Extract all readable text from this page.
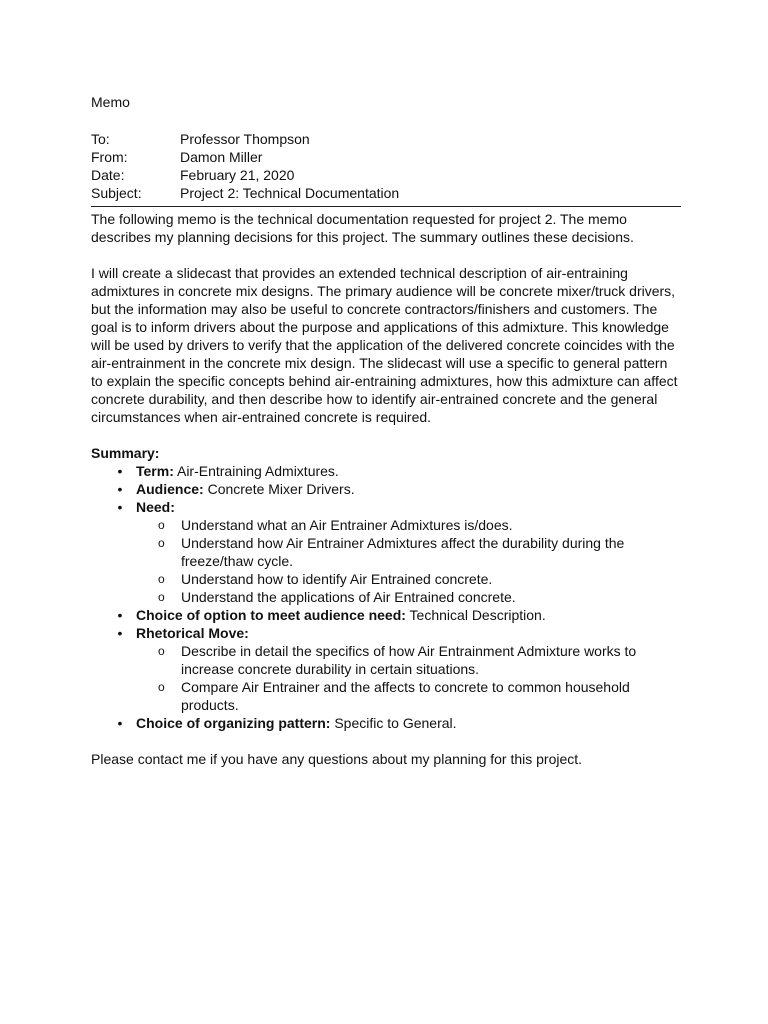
Memo

To:	Professor Thompson
From:	Damon Miller
Date:	February 21, 2020
Subject:	Project 2: Technical Documentation

The following memo is the technical documentation requested for project 2. The memo describes my planning decisions for this project. The summary outlines these decisions.

I will create a slidecast that provides an extended technical description of air-entraining admixtures in concrete mix designs. The primary audience will be concrete mixer/truck drivers, but the information may also be useful to concrete contractors/finishers and customers. The goal is to inform drivers about the purpose and applications of this admixture. This knowledge will be used by drivers to verify that the application of the delivered concrete coincides with the air-entrainment in the concrete mix design. The slidecast will use a specific to general pattern to explain the specific concepts behind air-entraining admixtures, how this admixture can affect concrete durability, and then describe how to identify air-entrained concrete and the general circumstances when air-entrained concrete is required.

Summary:

• Term: Air-Entraining Admixtures.
• Audience: Concrete Mixer Drivers.
• Need:
o Understand what an Air Entrainer Admixtures is/does.
o Understand how Air Entrainer Admixtures affect the durability during the freeze/thaw cycle.
o Understand how to identify Air Entrained concrete.
o Understand the applications of Air Entrained concrete.
• Choice of option to meet audience need: Technical Description.
• Rhetorical Move:
o Describe in detail the specifics of how Air Entrainment Admixture works to increase concrete durability in certain situations.
o Compare Air Entrainer and the affects to concrete to common household products.
• Choice of organizing pattern: Specific to General.

Please contact me if you have any questions about my planning for this project.
